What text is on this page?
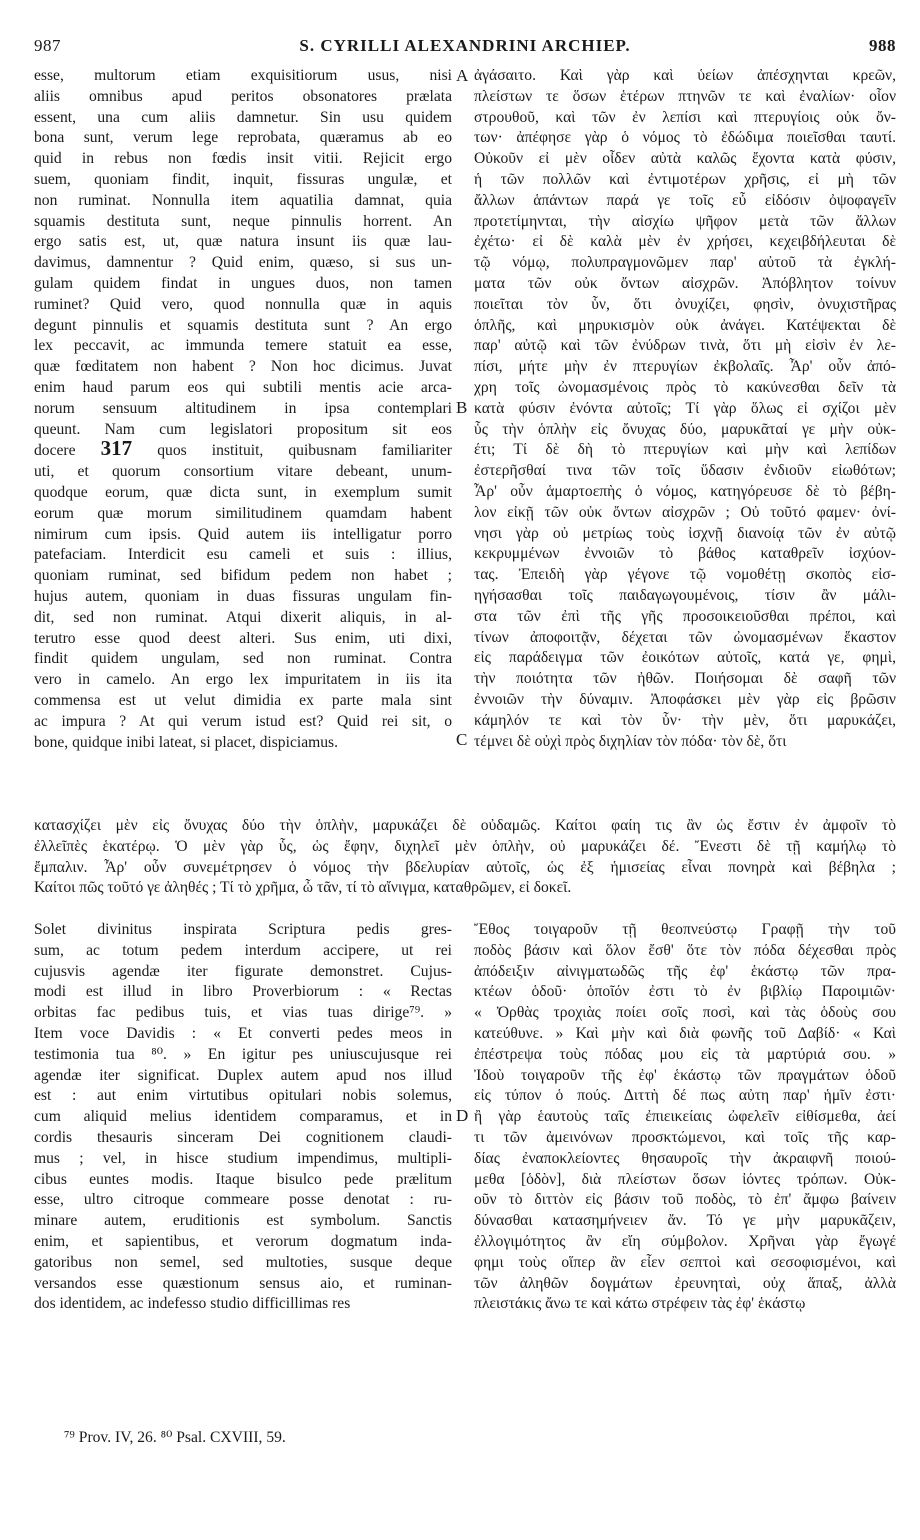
987	S. CYRILLI ALEXANDRINI ARCHIEP.	988
esse, multorum etiam exquisitiorum usus, nisi
aliis omnibus apud peritos obsonatores prælata
essent, una cum aliis damnetur. Sin usu quidem
bona sunt, verum lege reprobata, quæramus ab eo
quid in rebus non fœdis insit vitii. Rejicit ergo
suem, quoniam findit, inquit, fissuras ungulæ, et
non ruminat. Nonnulla item aquatilia damnat, quia
squamis destituta sunt, neque pinnulis horrent. An
ergo satis est, ut, quæ natura insunt iis quæ lau-
davimus, damnentur ? Quid enim, quæso, si sus un-
gulam quidem findat in ungues duos, non tamen
ruminet? Quid vero, quod nonnulla quæ in aquis
degunt pinnulis et squamis destituta sunt ? An ergo
lex peccavit, ac immunda temere statuit ea esse,
quæ fœditatem non habent ? Non hoc dicimus. Juvat
enim haud parum eos qui subtili mentis acie arca-
norum sensuum altitudinem in ipsa contemplari
queunt. Nam cum legislatori propositum sit eos
docere 317 quos instituit, quibusnam familiariter
uti, et quorum consortium vitare debeant, unum-
quodque eorum, quæ dicta sunt, in exemplum sumit
eorum quæ morum similitudinem quamdam habent
nimirum cum ipsis. Quid autem iis intelligatur porro
patefaciam. Interdicit esu cameli et suis : illius,
quoniam ruminat, sed bifidum pedem non habet ;
hujus autem, quoniam in duas fissuras ungulam fin-
dit, sed non ruminat. Atqui dixerit aliquis, in al-
terutro esse quod deest alteri. Sus enim, uti dixi,
findit quidem ungulam, sed non ruminat. Contra
vero in camelo. An ergo lex impuritatem in iis ita
commensa est ut velut dimidia ex parte mala sint
ac impura ? At qui verum istud est? Quid rei sit, o
bone, quidque inibi lateat, si placet, dispiciamus.
ἀγάσαιτο. Καὶ γὰρ καὶ ὑείων ἀπέσχηνται κρεῶν,
πλείστων τε ὅσων ἑτέρων πτηνῶν τε καὶ ἐναλίων· οἷον
στρουθοῦ, καὶ τῶν ἐν λεπίσι καὶ πτερυγίοις οὐκ ὄν-
των· ἀπέφησε γὰρ ὁ νόμος τὸ ἐδώδιμα ποιεῖσθαι ταυτί.
Οὐκοῦν εἰ μὲν οἶδεν αὐτὰ καλῶς ἔχοντα κατὰ φύσιν,
ἡ τῶν πολλῶν καὶ ἐντιμοτέρων χρῆσις, εἰ μὴ τῶν
ἄλλων ἁπάντων παρά γε τοῖς εὖ εἰδόσιν ὀψοφαγεῖν
προτετίμηνται, τὴν αἰσχίω ψῆφον μετὰ τῶν ἄλλων
ἐχέτω· εἰ δὲ καλὰ μὲν ἐν χρήσει, κεχειβδήλευται δὲ
τῷ νόμῳ, πολυπραγμονῶμεν παρ' αὐτοῦ τὰ ἐγκλή-
ματα τῶν οὐκ ὄντων αἰσχρῶν. Ἀπόβλητον τοίνυν
ποιεῖται τὸν ὗν, ὅτι ὀνυχίζει, φησὶν, ὀνυχιστῆρας
ὁπλῆς, καὶ μηρυκισμὸν οὐκ ἀνάγει. Κατέψεκται δὲ
παρ' αὐτῷ καὶ τῶν ἐνύδρων τινὰ, ὅτι μὴ εἰσὶν ἐν λε-
πίσι, μήτε μὴν ἐν πτερυγίων ἐκβολαῖς. Ἆρ' οὖν ἀπό-
χρη τοῖς ὠνομασμένοις πρὸς τὸ κακύνεσθαι δεῖν τὰ
κατὰ φύσιν ἐνόντα αὐτοῖς; Τί γὰρ ὅλως εἰ σχίζοι μὲν
ὗς τὴν ὁπλὴν εἰς ὄνυχας δύο, μαρυκᾶταί γε μὴν οὐκ-
έτι; Τί δὲ δὴ τὸ πτερυγίων καὶ μὴν καὶ λεπίδων
ἐστερῆσθαί τινα τῶν τοῖς ὕδασιν ἐνδιοῦν εἰωθότων;
Ἆρ' οὖν ἁμαρτοεπὴς ὁ νόμος, κατηγόρευσε δὲ τὸ βέβη-
λον εἰκῇ τῶν οὐκ ὄντων αἰσχρῶν ; Οὐ τοῦτό φαμεν· ὀνί-
νησι γὰρ οὐ μετρίως τοὺς ἰσχνῇ διανοίᾳ τῶν ἐν αὐτῷ
κεκρυμμένων ἐννοιῶν τὸ βάθος καταθρεῖν ἰσχύον-
τας. Ἐπειδὴ γὰρ γέγονε τῷ νομοθέτῃ σκοπὸς εἰσ-
ηγήσασθαι τοῖς παιδαγωγουμένοις, τίσιν ἂν μάλι-
στα τῶν ἐπὶ τῆς γῆς προσοικειοῦσθαι πρέποι, καὶ
τίνων ἀποφοιτᾷν, δέχεται τῶν ὠνομασμένων ἕκαστον
εἰς παράδειγμα τῶν ἐοικότων αὐτοῖς, κατά γε, φημὶ,
τὴν ποιότητα τῶν ἠθῶν. Ποιήσομαι δὲ σαφῆ τῶν
ἐννοιῶν τὴν δύναμιν. Ἀποφάσκει μὲν γὰρ εἰς βρῶσιν
κάμηλόν τε καὶ τὸν ὗν· τὴν μὲν, ὅτι μαρυκάζει,
τέμνει δὲ οὐχὶ πρὸς διχηλίαν τὸν πόδα· τὸν δὲ, ὅτι
κατασχίζει μὲν εἰς ὄνυχας δύο τὴν ὁπλὴν, μαρυκάζει δὲ οὐδαμῶς. Καίτοι φαίη τις ἂν ὡς ἔστιν ἐν ἀμφοῖν τὸ
ἐλλεῖπὲς ἑκατέρῳ. Ὁ μὲν γὰρ ὗς, ὡς ἔφην, διχηλεῖ μὲν ὁπλὴν, οὐ μαρυκάζει δέ. Ἔνεστι δὲ τῇ καμήλῳ τὸ
ἔμπαλιν. Ἆρ' οὖν συνεμέτρησεν ὁ νόμος τὴν βδελυρίαν αὐτοῖς, ὡς ἐξ ἡμισείας εἶναι πονηρὰ καὶ βέβηλα ;
Καίτοι πῶς τοῦτό γε ἀληθές ; Τί τὸ χρῆμα, ὦ τᾶν, τί τὸ αἴνιγμα, καταθρῶμεν, εἰ δοκεῖ.
Solet divinitus inspirata Scriptura pedis gres-
sum, ac totum pedem interdum accipere, ut rei
cujusvis agendæ iter figurate demonstret. Cujus-
modi est illud in libro Proverbiorum : « Rectas
orbitas fac pedibus tuis, et vias tuas dirige⁷⁹. »
Item voce Davidis : « Et converti pedes meos in
testimonia tua ⁸⁰. » En igitur pes uniuscujusque rei
agendæ iter significat. Duplex autem apud nos illud
est : aut enim virtutibus opitulari nobis solemus,
cum aliquid melius identidem comparamus, et in
cordis thesauris sinceram Dei cognitionem claudi-
mus ; vel, in hisce studium impendimus, multipli-
cibus euntes modis. Itaque bisulco pede prælitum
esse, ultro citroque commeare posse denotat : ru-
minare autem, eruditionis est symbolum. Sanctis
enim, et sapientibus, et verorum dogmatum inda-
gatoribus non semel, sed multoties, susque deque
versandos esse quæstionum sensus aio, et ruminan-
dos identidem, ac indefesso studio difficillimas res
Ἔθος τοιγαροῦν τῇ θεοπνεύστῳ Γραφῇ τὴν τοῦ
ποδὸς βάσιν καὶ ὅλον ἔσθ' ὅτε τὸν πόδα δέχεσθαι πρὸς
ἀπόδειξιν αἰνιγματωδῶς τῆς ἐφ' ἑκάστῳ τῶν πρα-
κτέων ὁδοῦ· ὁποῖόν ἐστι τὸ ἐν βιβλίῳ Παροιμιῶν·
« Ὀρθὰς τροχιὰς ποίει σοῖς ποσὶ, καὶ τὰς ὁδοὺς σου
κατεύθυνε. » Καὶ μὴν καὶ διὰ φωνῆς τοῦ Δαβίδ· « Καὶ
ἐπέστρεψα τοὺς πόδας μου εἰς τὰ μαρτύριά σου. »
Ἰδοὺ τοιγαροῦν τῆς ἐφ' ἑκάστῳ τῶν πραγμάτων ὁδοῦ
εἰς τύπον ὁ πούς. Διττὴ δέ πως αὐτη παρ' ἡμῖν ἐστι·
ἢ γὰρ ἑαυτοὺς ταῖς ἐπιεικείαις ὠφελεῖν εἰθίσμεθα, ἀεί
τι τῶν ἀμεινόνων προσκτώμενοι, καὶ τοῖς τῆς καρ-
δίας ἐναποκλείοντες θησαυροῖς τὴν ἀκραιφνῆ ποιού-
μεθα [ὁδὸν], διὰ πλείστων ὅσων ἰόντες τρόπων. Οὐκ-
οῦν τὸ διττὸν εἰς βάσιν τοῦ ποδὸς, τὸ ἐπ' ἄμφω βαίνειν
δύνασθαι κατασημήνειεν ἄν. Τό γε μὴν μαρυκᾶζειν,
ἐλλογιμότητος ἂν εἴη σύμβολον. Χρῆναι γὰρ ἔγωγέ
φημι τοὺς οἵπερ ἂν εἶεν σεπτοὶ καὶ σεσοφισμένοι, καὶ
τῶν ἀληθῶν δογμάτων ἐρευνηταὶ, οὐχ ἅπαξ, ἀλλὰ
πλειστάκις ἄνω τε καὶ κάτω στρέφειν τὰς ἐφ' ἑκάστῳ
A
B
C
D
⁷⁹ Prov. IV, 26. ⁸⁰ Psal. CXVIII, 59.
